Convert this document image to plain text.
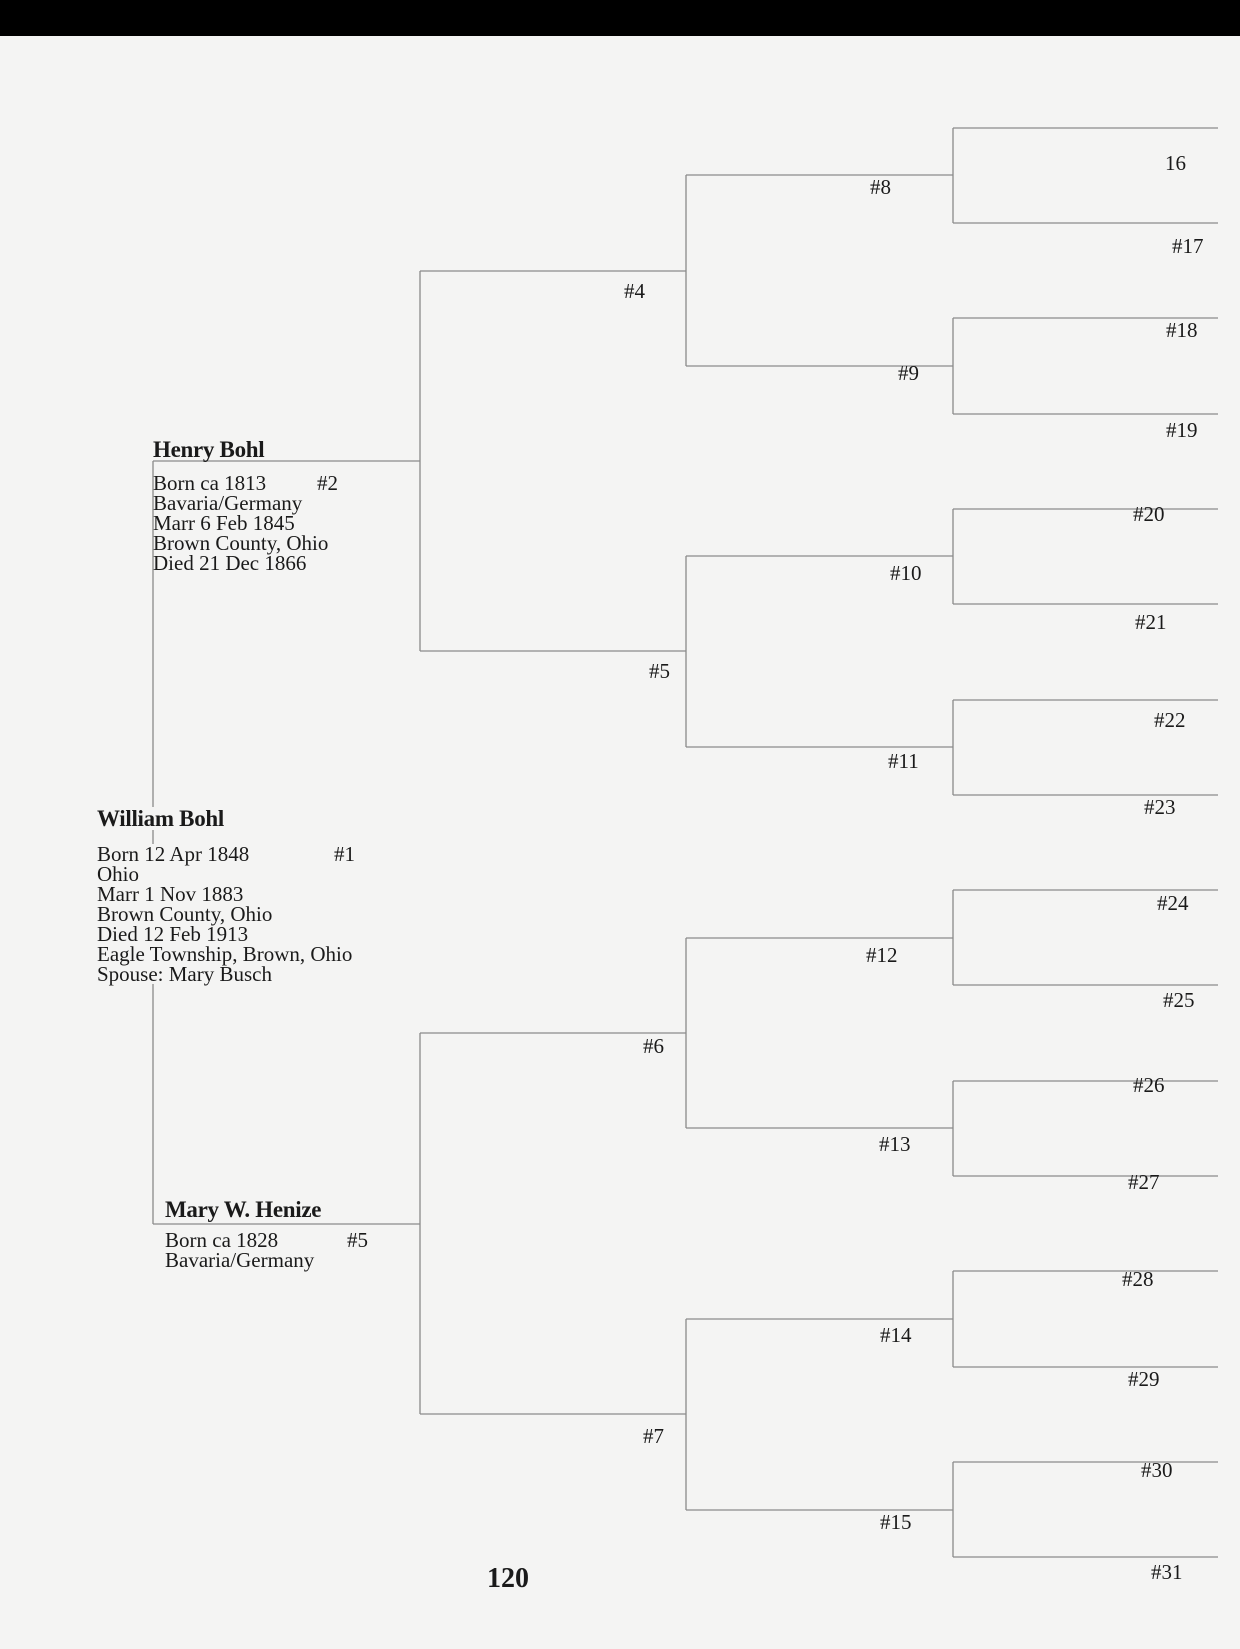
William Bohl
Born 12 Apr 1848
Ohio
Marr 1 Nov 1883
Brown County, Ohio
Died 12 Feb 1913
Eagle Township, Brown, Ohio
Spouse: Mary Busch
#1
Henry Bohl
Born ca 1813
Bavaria/Germany
Marr 6 Feb 1845
Brown County, Ohio
Died 21 Dec 1866
#2
Mary W. Henize
Born ca 1828
Bavaria/Germany
#5
#4
#5
#6
#7
#8
#9
#10
#11
#12
#13
#14
#15
16
#17
#18
#19
#20
#21
#22
#23
#24
#25
#26
#27
#28
#29
#30
#31
120
